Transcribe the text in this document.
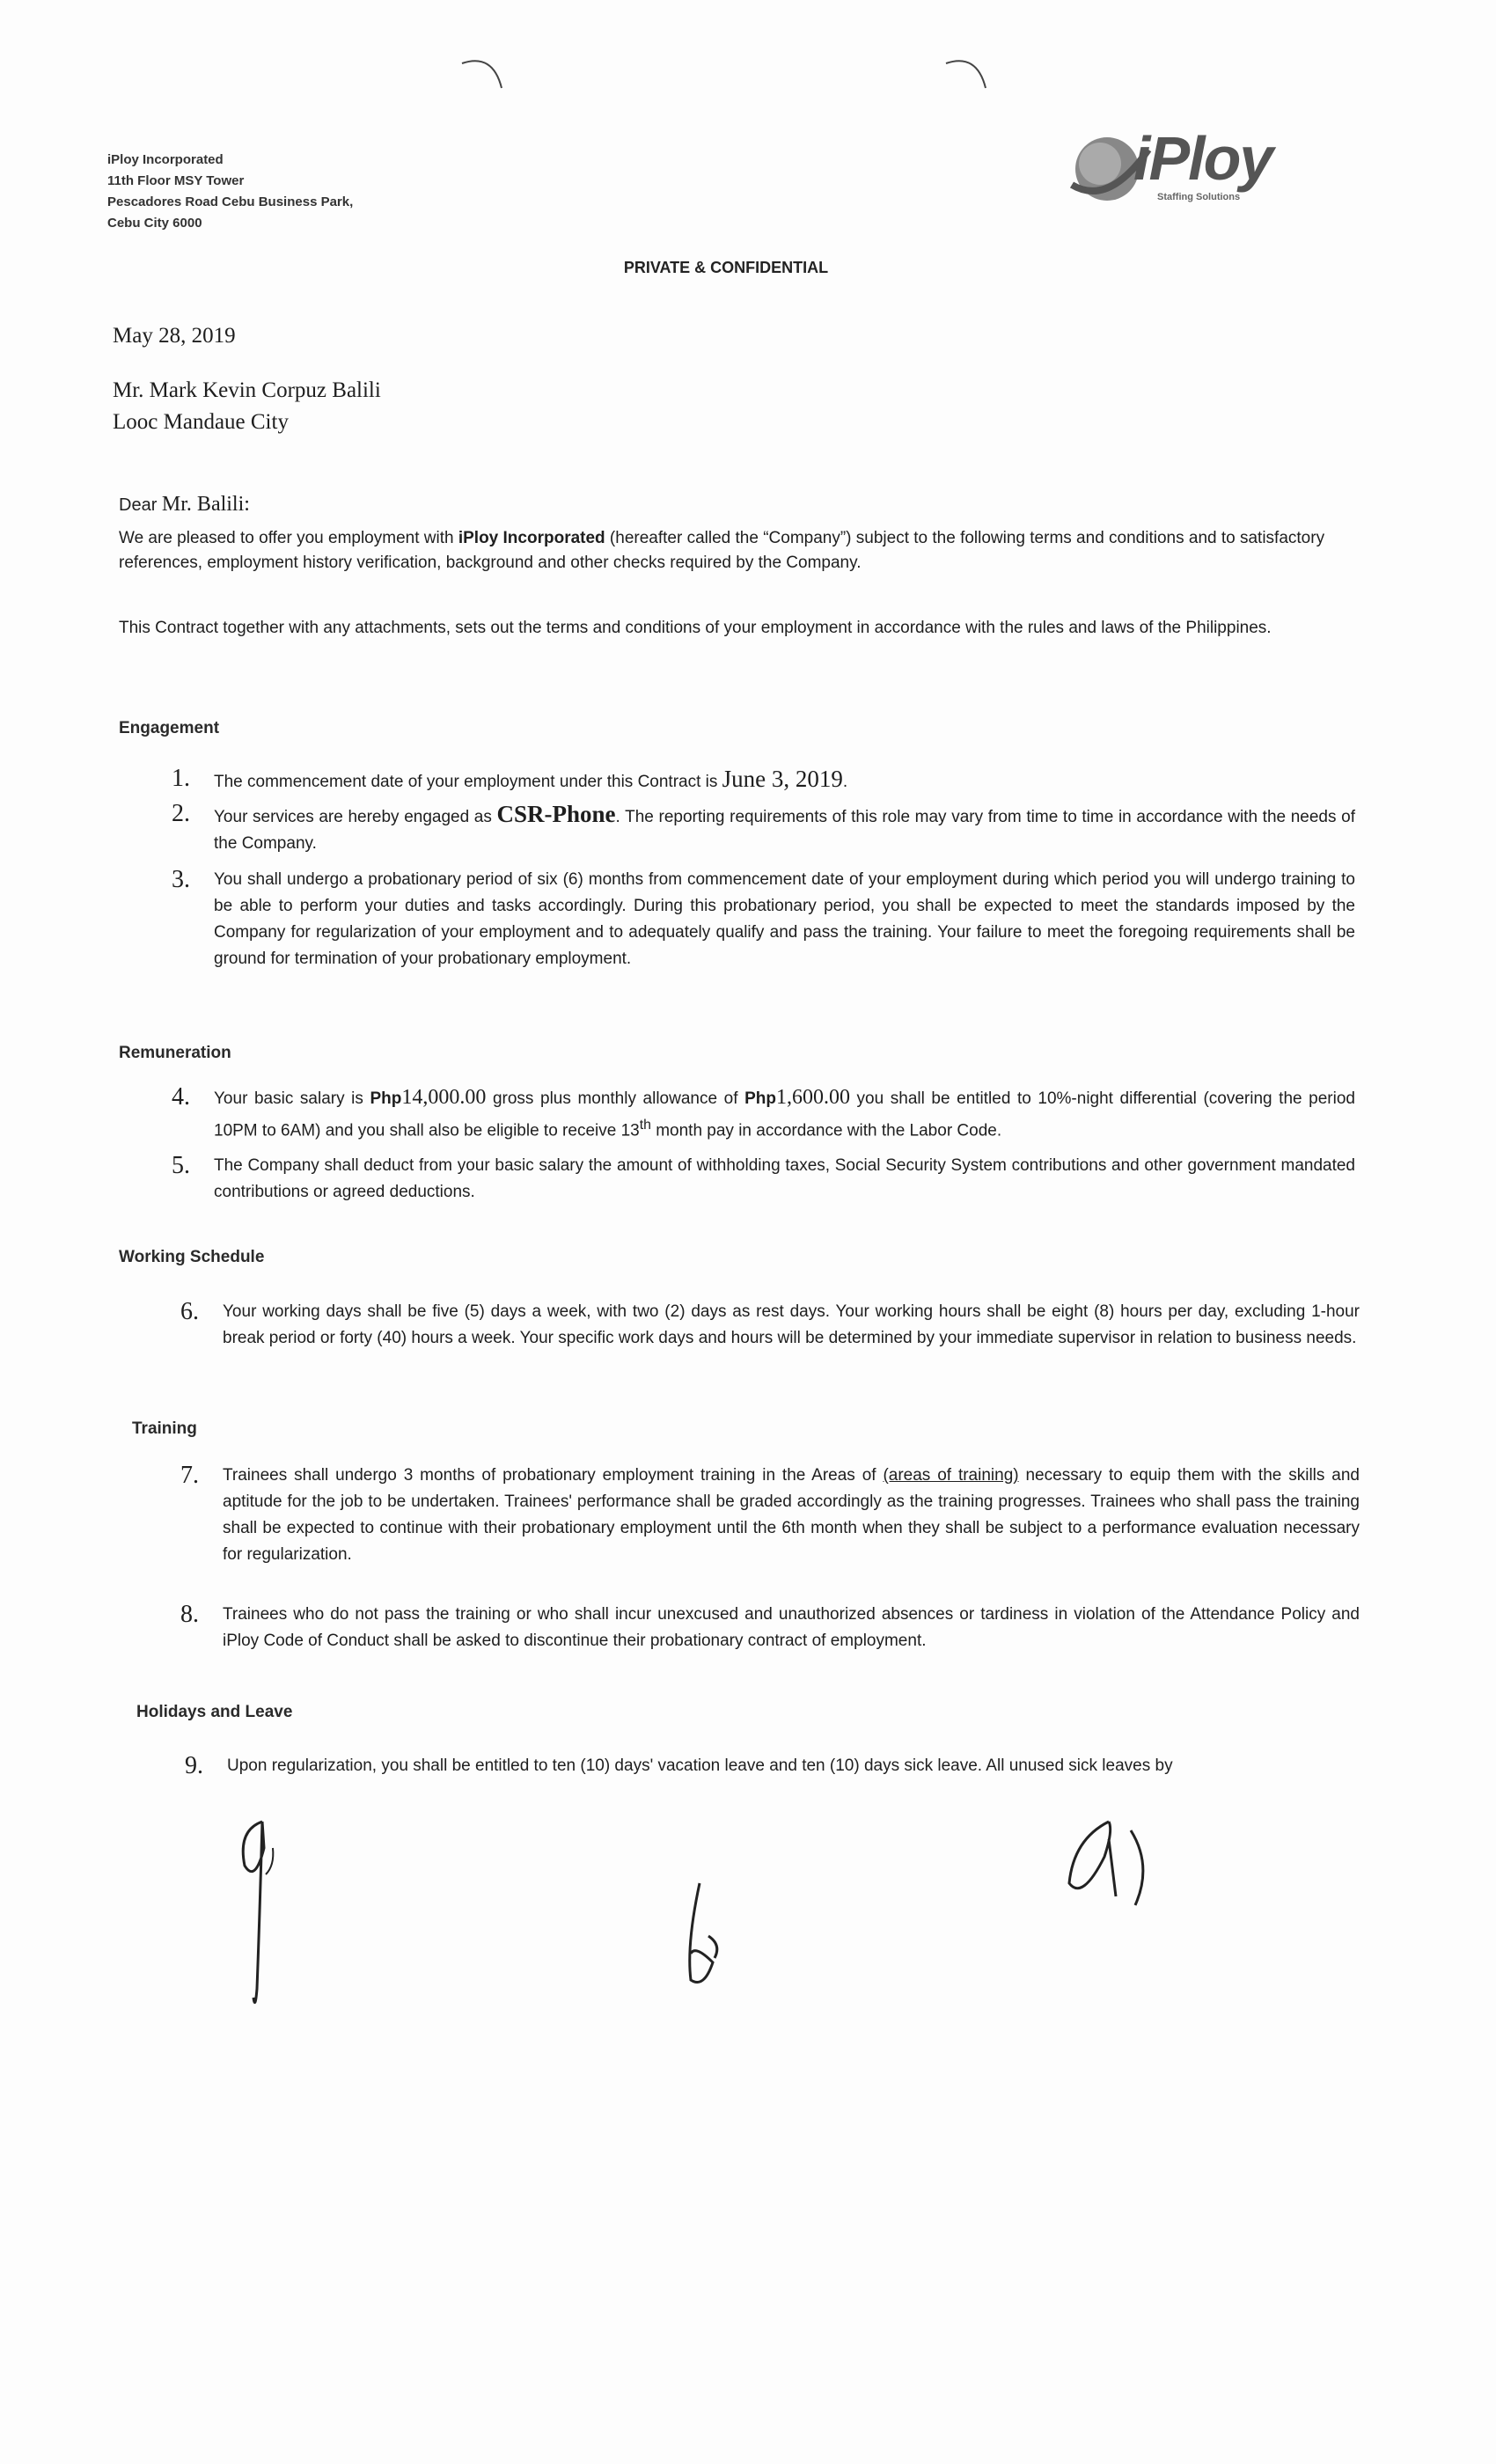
iPloy Incorporated
11th Floor MSY Tower
Pescadores Road Cebu Business Park,
Cebu City 6000
iPloy
Staffing Solutions
PRIVATE & CONFIDENTIAL
May 28, 2019
Mr. Mark Kevin Corpuz Balili
Looc Mandaue City
Dear Mr. Balili:
We are pleased to offer you employment with iPloy Incorporated (hereafter called the “Company”) subject to the following terms and conditions and to satisfactory references, employment history verification, background and other checks required by the Company.
This Contract together with any attachments, sets out the terms and conditions of your employment in accordance with the rules and laws of the Philippines.
Engagement
1.	The commencement date of your employment under this Contract is June 3, 2019.
2.	Your services are hereby engaged as CSR-Phone. The reporting requirements of this role may vary from time to time in accordance with the needs of the Company.
3.	You shall undergo a probationary period of six (6) months from commencement date of your employment during which period you will undergo training to be able to perform your duties and tasks accordingly. During this probationary period, you shall be expected to meet the standards imposed by the Company for regularization of your employment and to adequately qualify and pass the training. Your failure to meet the foregoing requirements shall be ground for termination of your probationary employment.
Remuneration
4.	Your basic salary is Php14,000.00 gross plus monthly allowance of Php1,600.00 you shall be entitled to 10%-night differential (covering the period 10PM to 6AM) and you shall also be eligible to receive 13th month pay in accordance with the Labor Code.
5.	The Company shall deduct from your basic salary the amount of withholding taxes, Social Security System contributions and other government mandated contributions or agreed deductions.
Working Schedule
6.	Your working days shall be five (5) days a week, with two (2) days as rest days. Your working hours shall be eight (8) hours per day, excluding 1-hour break period or forty (40) hours a week. Your specific work days and hours will be determined by your immediate supervisor in relation to business needs.
Training
7.	Trainees shall undergo 3 months of probationary employment training in the Areas of (areas of training) necessary to equip them with the skills and aptitude for the job to be undertaken. Trainees' performance shall be graded accordingly as the training progresses. Trainees who shall pass the training shall be expected to continue with their probationary employment until the 6th month when they shall be subject to a performance evaluation necessary for regularization.
8.	Trainees who do not pass the training or who shall incur unexcused and unauthorized absences or tardiness in violation of the Attendance Policy and iPloy Code of Conduct shall be asked to discontinue their probationary contract of employment.
Holidays and Leave
9.	Upon regularization, you shall be entitled to ten (10) days' vacation leave and ten (10) days sick leave. All unused sick leaves by
